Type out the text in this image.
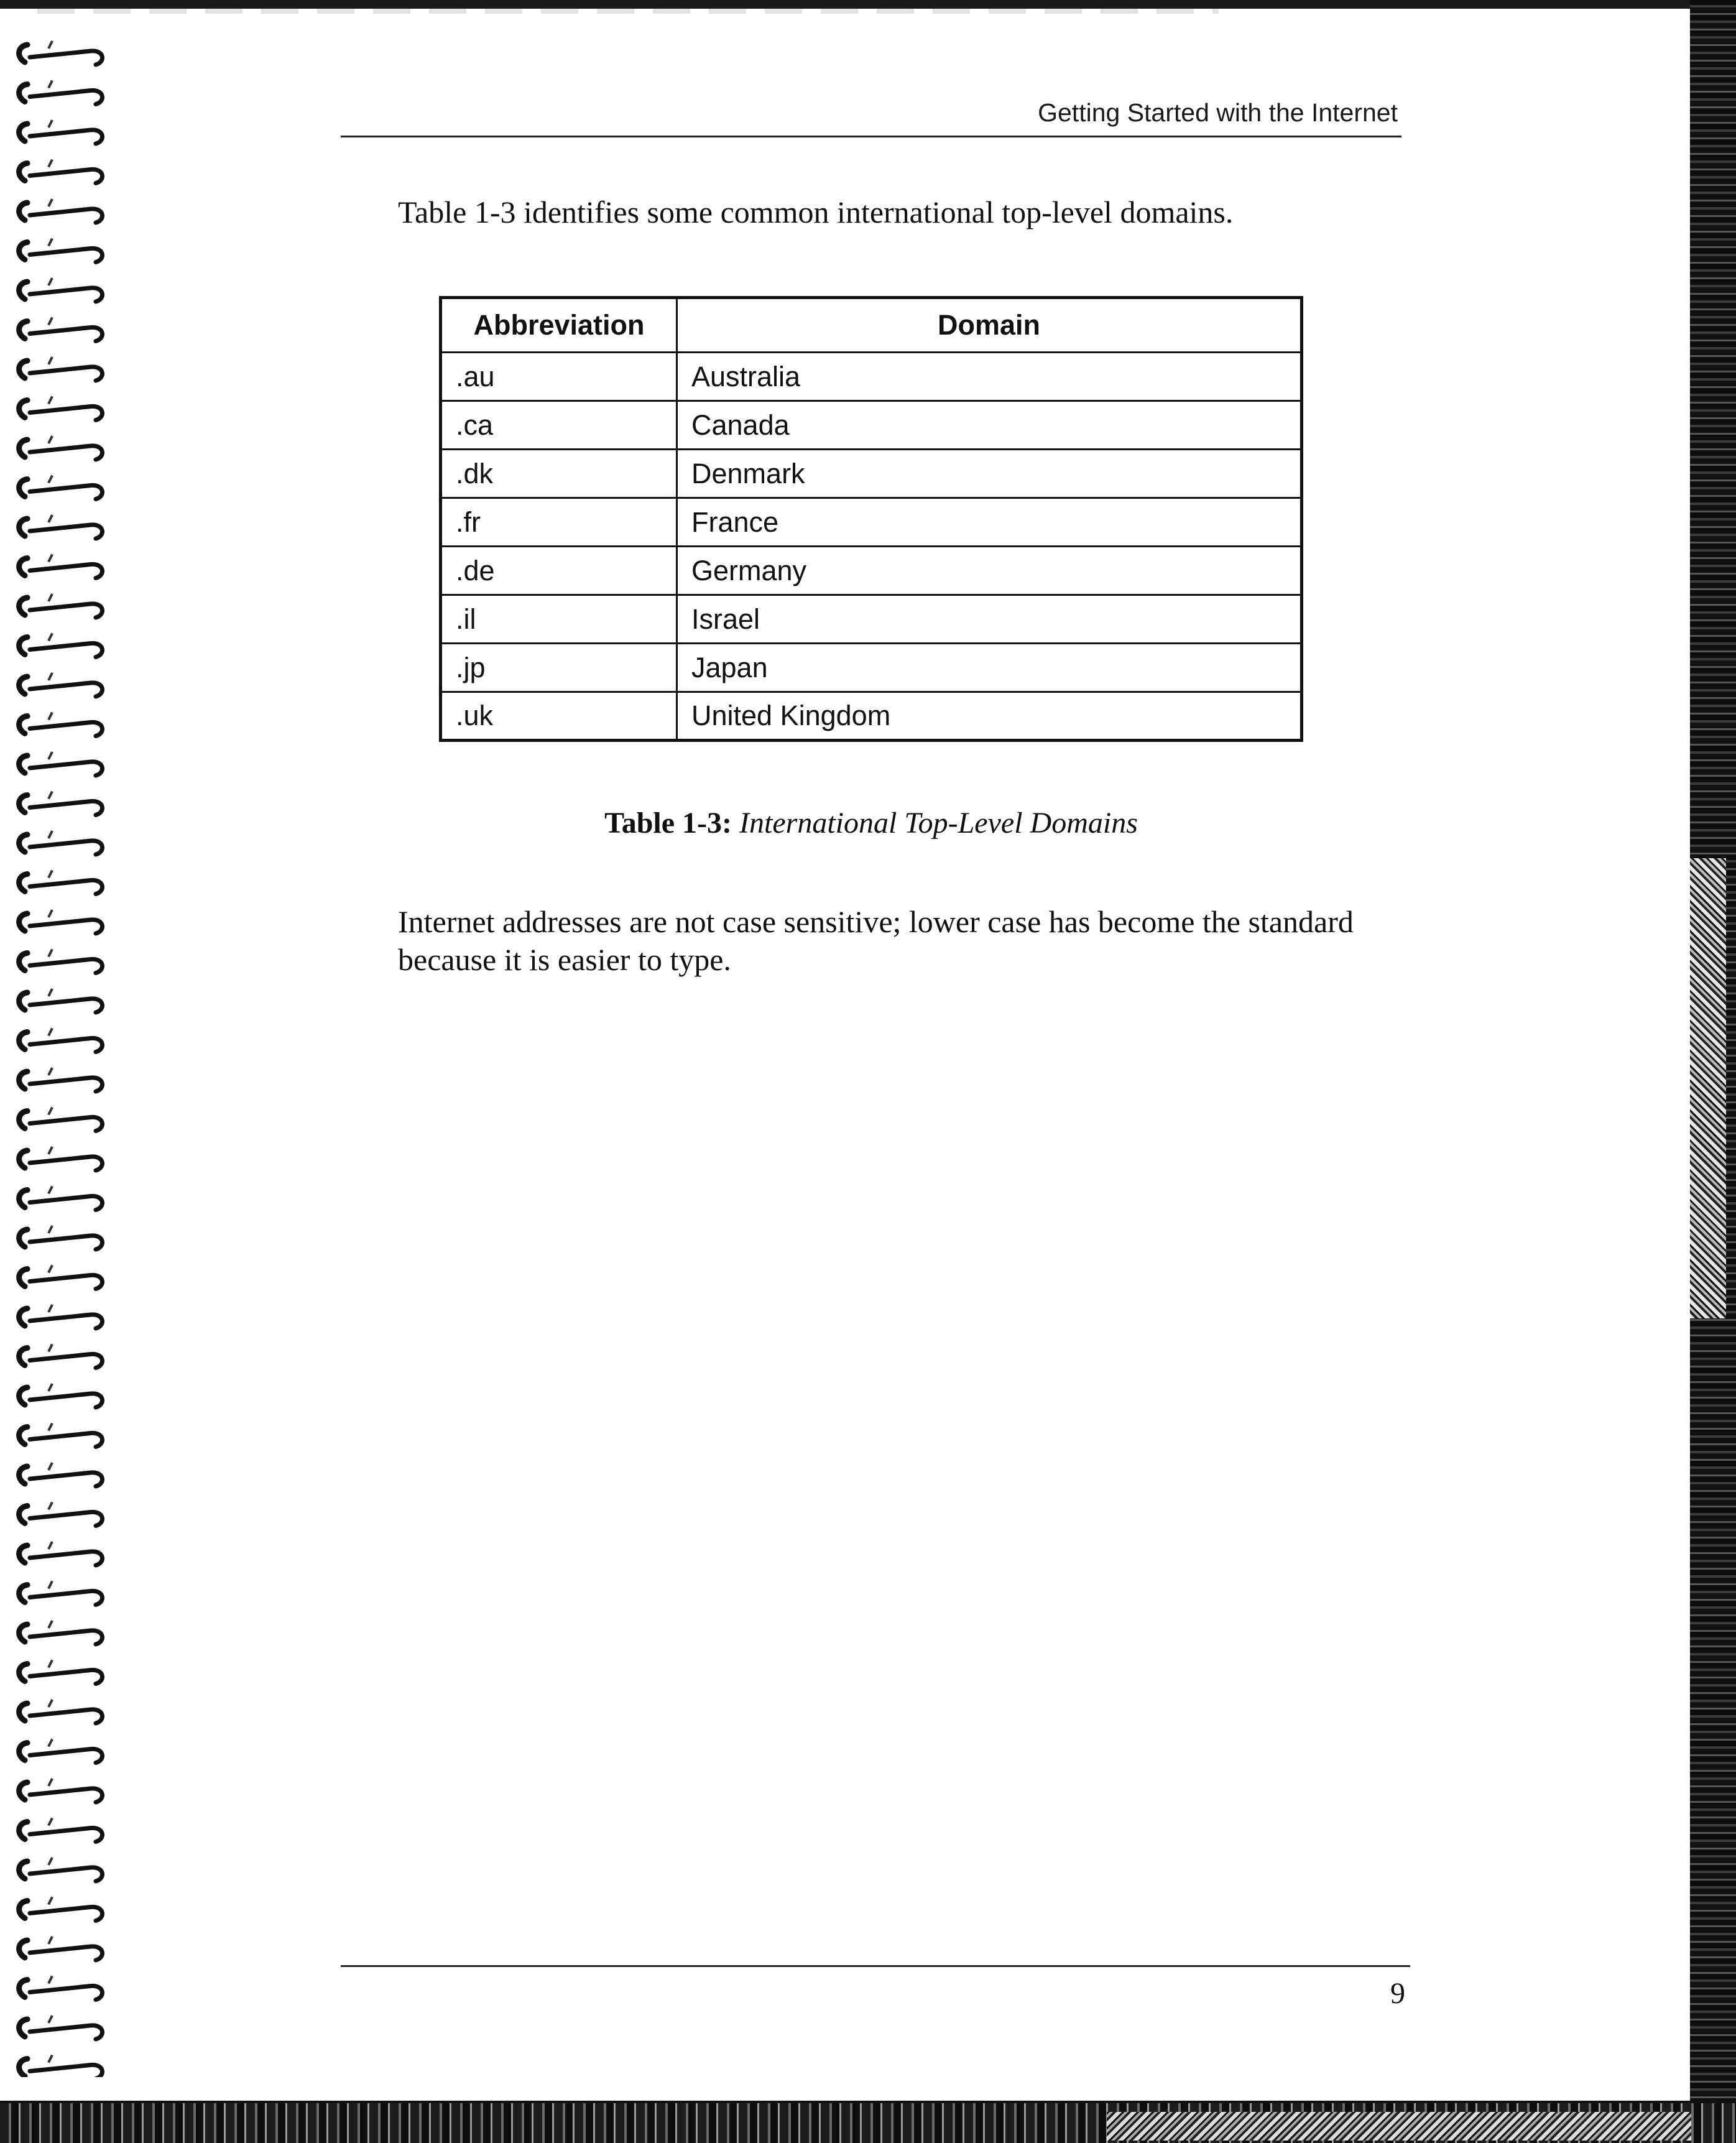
Getting Started with the Internet
Table 1-3 identifies some common international top-level domains.
Abbreviation	Domain
.au	Australia
.ca	Canada
.dk	Denmark
.fr	France
.de	Germany
.il	Israel
.jp	Japan
.uk	United Kingdom
Table 1-3: International Top-Level Domains
Internet addresses are not case sensitive; lower case has become the standard because it is easier to type.
9
